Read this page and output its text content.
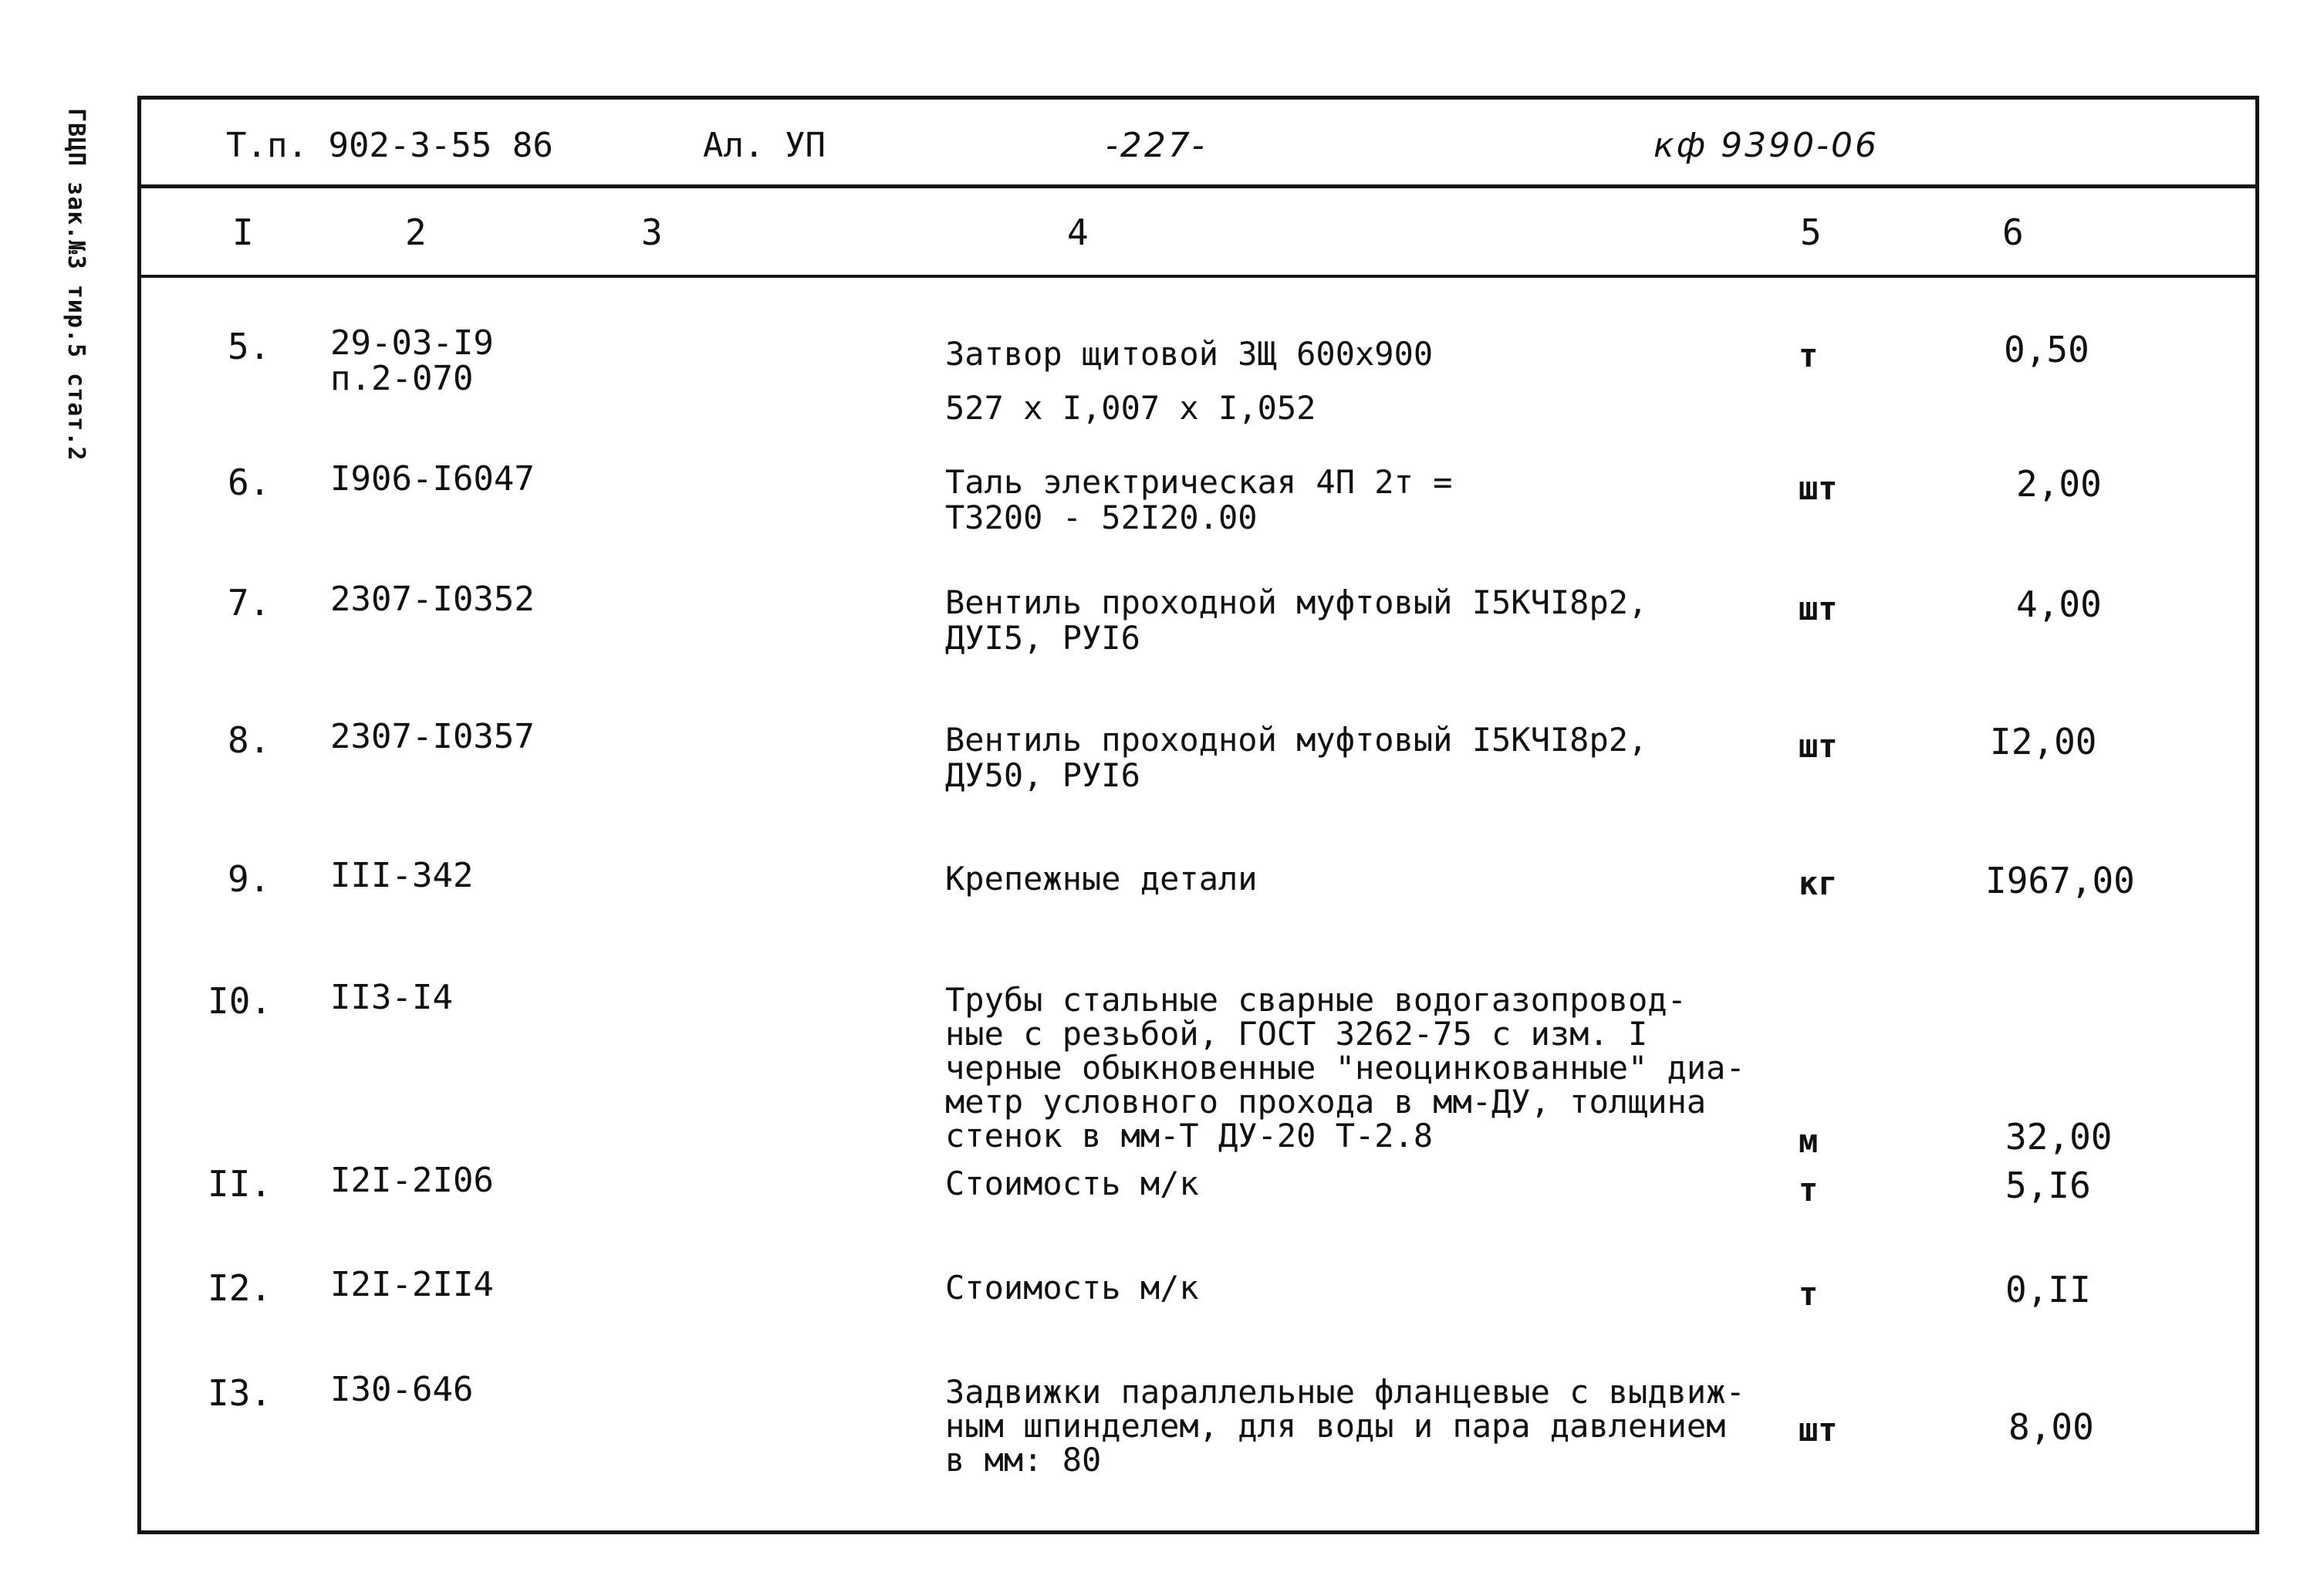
ГВЦП зак.№3 тир.5 стат.2	Т.п. 902-3-55 86	Ал. УП	-227-	кф 9390-06
I	2	3	4	5	6
5. 29-03-I9
п.2-070
Затвор щитовой ЗЩ 600х900
527 х I,007 х I,052
т	0,50
6. I906-I6047	Таль электрическая 4П 2т =
Т3200 - 52I20.00
шт	2,00
7. 2307-I0352	Вентиль проходной муфтовый I5КЧI8р2,
ДУI5, РУI6
шт	4,00
8. 2307-I0357	Вентиль проходной муфтовый I5КЧI8р2,
ДУ50, РУI6
шт	I2,00
9. III-342	Крепежные детали	кг	I967,00
I0. II3-I4	Трубы стальные сварные водогазопровод-
ные с резьбой, ГОСТ 3262-75 с изм. I
черные обыкновенные "неоцинкованные" диа-
метр условного прохода в мм-ДУ, толщина
стенок в мм-Т ДУ-20 Т-2.8	м	32,00
II. I2I-2I06	Стоимость м/к	т	5,I6
I2. I2I-2II4	Стоимость м/к	т	0,II
I3. I30-646	Задвижки параллельные фланцевые с выдвиж-
ным шпинделем, для воды и пара давлением
в мм: 80
шт	8,00
